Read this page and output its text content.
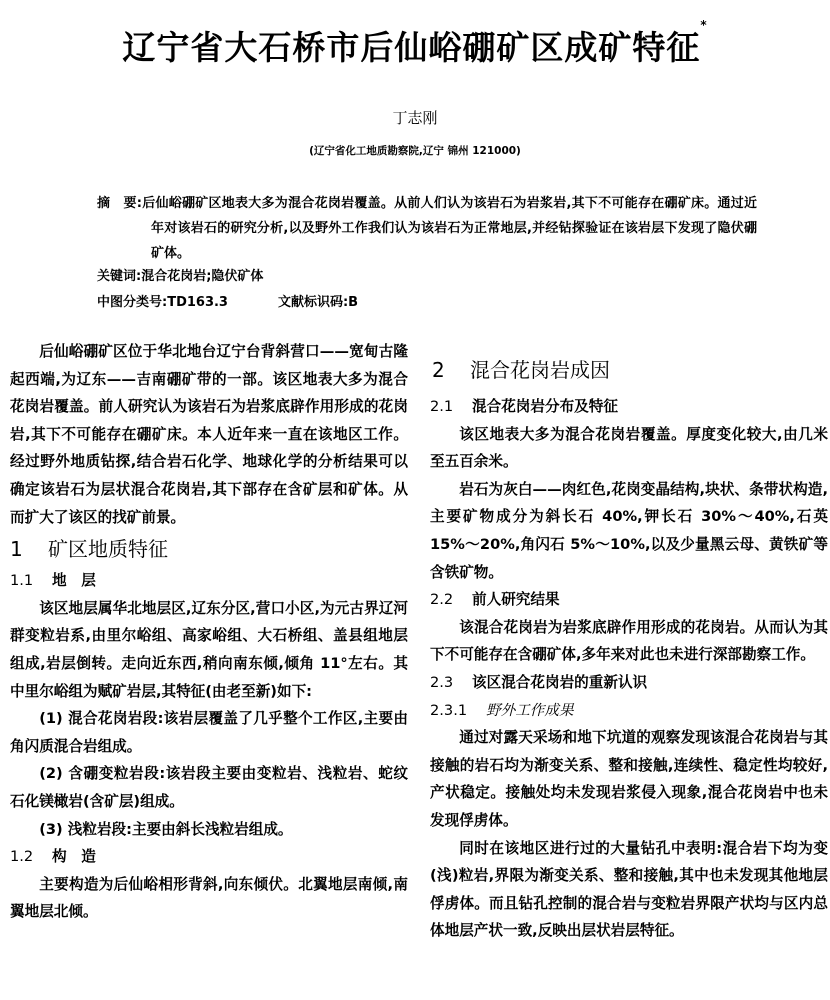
辽宁省大石桥市后仙峪硼矿区成矿特征*
丁志刚
(辽宁省化工地质勘察院,辽宁 锦州 121000)

摘　要:后仙峪硼矿区地表大多为混合花岗岩覆盖。从前人们认为该岩石为岩浆岩,其下不可能存在硼矿床。通过近年对该岩石的研究分析,以及野外工作我们认为该岩石为正常地层,并经钻探验证在该岩层下发现了隐伏硼矿体。

关键词:混合花岗岩;隐伏矿体
中图分类号:TD163.3	文献标识码:B

后仙峪硼矿区位于华北地台辽宁台背斜营口——宽甸古隆起西端,为辽东——吉南硼矿带的一部。该区地表大多为混合花岗岩覆盖。前人研究认为该岩石为岩浆底辟作用形成的花岗岩,其下不可能存在硼矿床。本人近年来一直在该地区工作。经过野外地质钻探,结合岩石化学、地球化学的分析结果可以确定该岩石为层状混合花岗岩,其下部存在含矿层和矿体。从而扩大了该区的找矿前景。

1 矿区地质特征
1.1 地　层

该区地层属华北地层区,辽东分区,营口小区,为元古界辽河群变粒岩系,由里尔峪组、高家峪组、大石桥组、盖县组地层组成,岩层倒转。走向近东西,稍向南东倾,倾角 11°左右。其中里尔峪组为赋矿岩层,其特征(由老至新)如下:

(1) 混合花岗岩段:该岩层覆盖了几乎整个工作区,主要由角闪质混合岩组成。

(2) 含硼变粒岩段:该岩段主要由变粒岩、浅粒岩、蛇纹石化镁橄岩(含矿层)组成。

(3) 浅粒岩段:主要由斜长浅粒岩组成。

1.2 构　造

主要构造为后仙峪相形背斜,向东倾伏。北翼地层南倾,南翼地层北倾。

2 混合花岗岩成因
2.1 混合花岗岩分布及特征

该区地表大多为混合花岗岩覆盖。厚度变化较大,由几米至五百余米。

岩石为灰白——肉红色,花岗变晶结构,块状、条带状构造,主要矿物成分为斜长石 40%,钾长石 30%～40%,石英 15%～20%,角闪石 5%～10%,以及少量黑云母、黄铁矿等含铁矿物。

2.2 前人研究结果

该混合花岗岩为岩浆底辟作用形成的花岗岩。从而认为其下不可能存在含硼矿体,多年来对此也未进行深部勘察工作。

2.3 该区混合花岗岩的重新认识
2.3.1 野外工作成果

通过对露天采场和地下坑道的观察发现该混合花岗岩与其接触的岩石均为渐变关系、整和接触,连续性、稳定性均较好,产状稳定。接触处均未发现岩浆侵入现象,混合花岗岩中也未发现俘虏体。

同时在该地区进行过的大量钻孔中表明:混合岩下均为变(浅)粒岩,界限为渐变关系、整和接触,其中也未发现其他地层俘虏体。而且钻孔控制的混合岩与变粒岩界限产状均与区内总体地层产状一致,反映出层状岩层特征。
